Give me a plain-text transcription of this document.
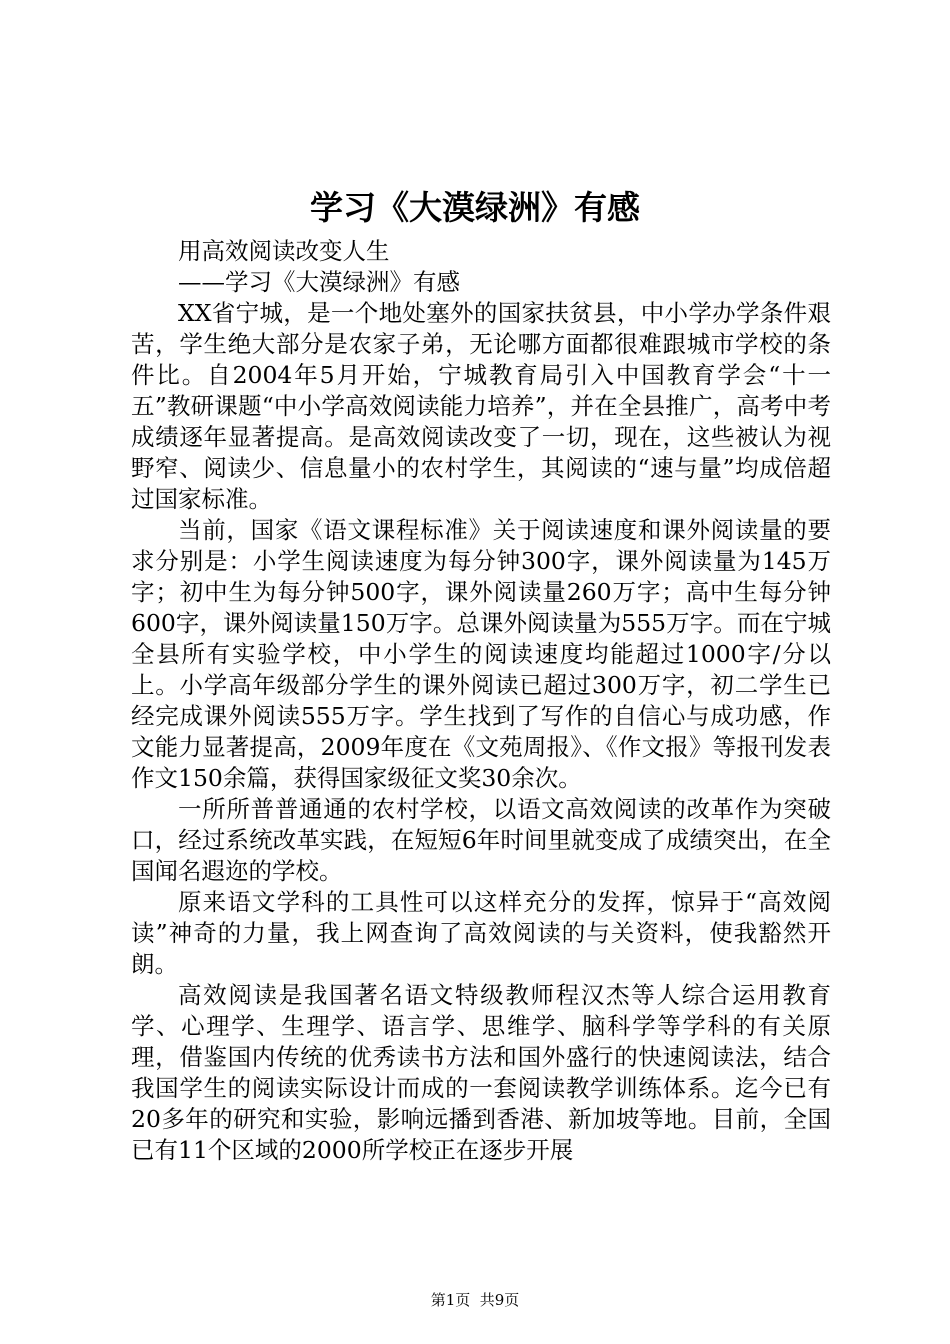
学习《大漠绿洲》有感

用高效阅读改变人生

——学习《大漠绿洲》有感

XX省宁城，是一个地处塞外的国家扶贫县，中小学办学条件艰苦，学生绝大部分是农家子弟，无论哪方面都很难跟城市学校的条件比。自2004年5月开始，宁城教育局引入中国教育学会“十一五”教研课题“中小学高效阅读能力培养”，并在全县推广，高考中考成绩逐年显著提高。是高效阅读改变了一切，现在，这些被认为视野窄、阅读少、信息量小的农村学生，其阅读的“速与量”均成倍超过国家标准。

当前，国家《语文课程标准》关于阅读速度和课外阅读量的要求分别是：小学生阅读速度为每分钟300字，课外阅读量为145万字；初中生为每分钟500字，课外阅读量260万字；高中生每分钟600字，课外阅读量150万字。总课外阅读量为555万字。而在宁城全县所有实验学校，中小学生的阅读速度均能超过1000字/分以上。小学高年级部分学生的课外阅读已超过300万字，初二学生已经完成课外阅读555万字。学生找到了写作的自信心与成功感，作文能力显著提高，2009年度在《文苑周报》、《作文报》等报刊发表作文150余篇，获得国家级征文奖30余次。

一所所普普通通的农村学校，以语文高效阅读的改革作为突破口，经过系统改革实践，在短短6年时间里就变成了成绩突出，在全国闻名遐迩的学校。

原来语文学科的工具性可以这样充分的发挥，惊异于“高效阅读”神奇的力量，我上网查询了高效阅读的与关资料，使我豁然开朗。

高效阅读是我国著名语文特级教师程汉杰等人综合运用教育学、心理学、生理学、语言学、思维学、脑科学等学科的有关原理，借鉴国内传统的优秀读书方法和国外盛行的快速阅读法，结合我国学生的阅读实际设计而成的一套阅读教学训练体系。迄今已有20多年的研究和实验，影响远播到香港、新加坡等地。目前，全国已有11个区域的2000所学校正在逐步开展

第1页  共9页
